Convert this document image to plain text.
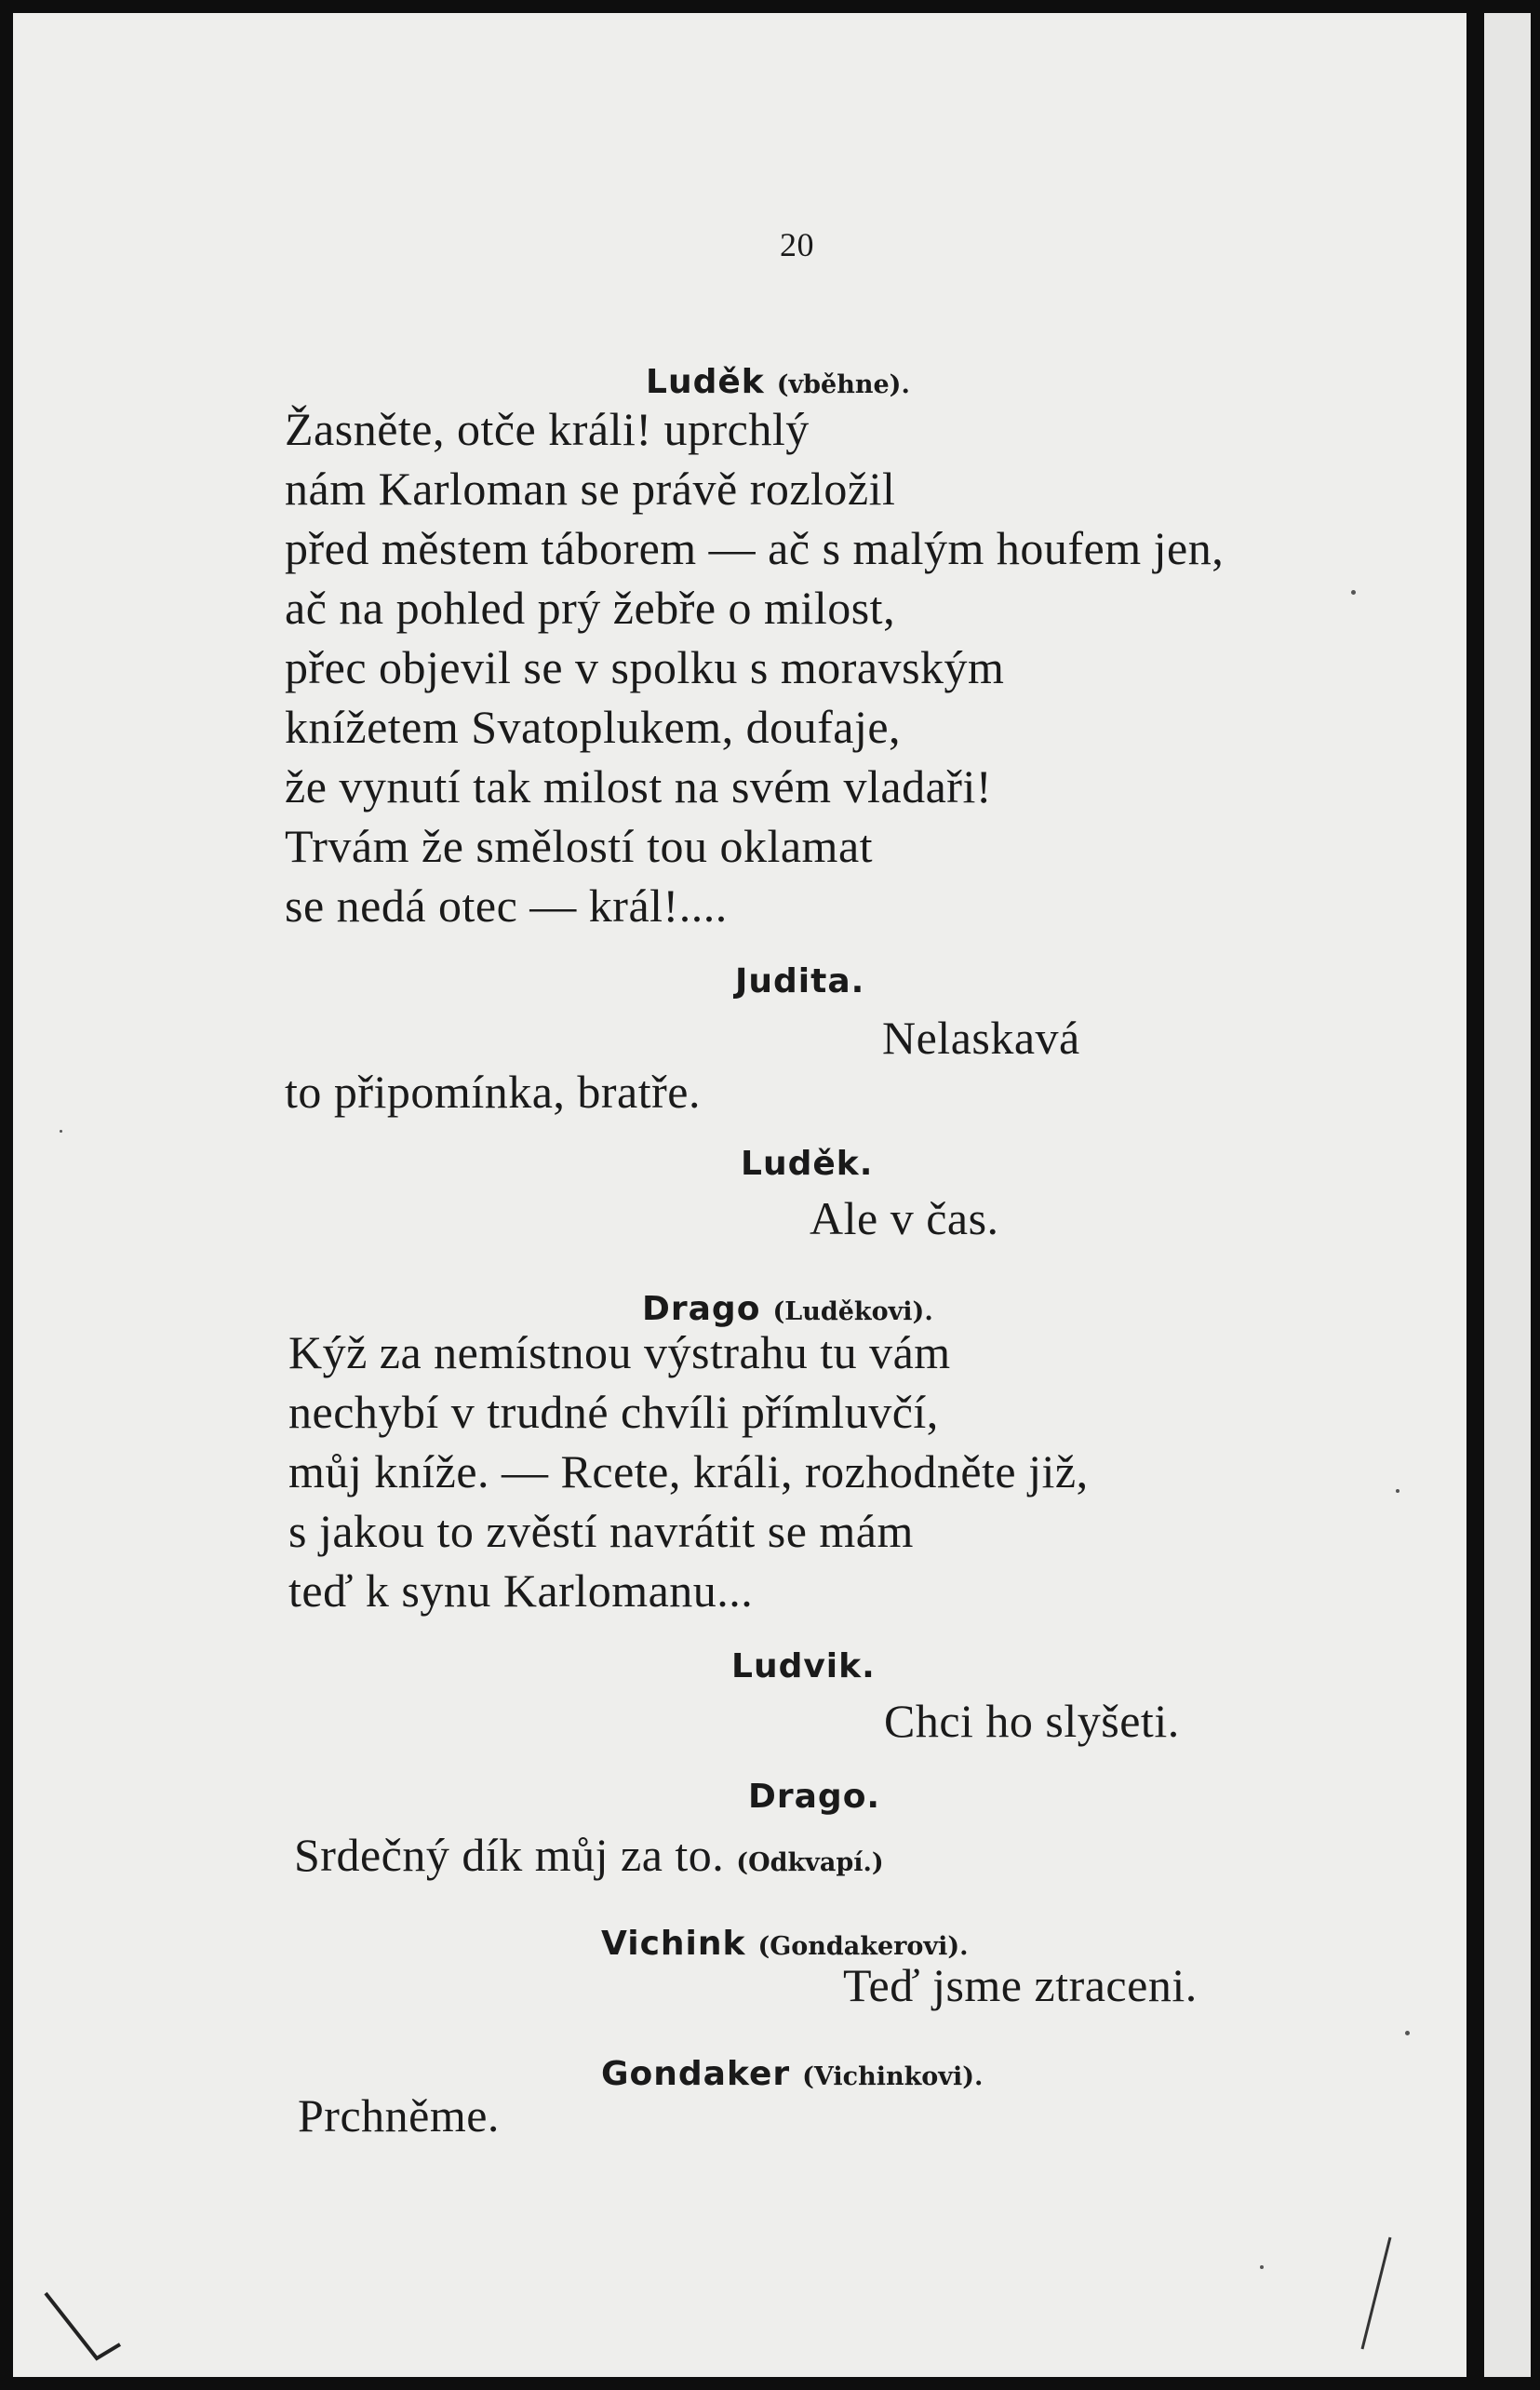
20
Luděk (vběhne).
Žasněte, otče králi! uprchlý
nám Karloman se právě rozložil
před městem táborem — ač s malým houfem jen,
ač na pohled prý žebře o milost,
přec objevil se v spolku s moravským
knížetem Svatoplukem, doufaje,
že vynutí tak milost na svém vladaři!
Trvám že smělostí tou oklamat
se nedá otec — král!....
Judita.
Nelaskavá
to připomínka, bratře.
Luděk.
Ale v čas.
Drago (Luděkovi).
Kýž za nemístnou výstrahu tu vám
nechybí v trudné chvíli přímluvčí,
můj kníže. — Rcete, králi, rozhodněte již,
s jakou to zvěstí navrátit se mám
teď k synu Karlomanu...
Ludvik.
Chci ho slyšeti.
Drago.
Srdečný dík můj za to. (Odkvapí.)
Vichink (Gondakerovi).
Teď jsme ztraceni.
Gondaker (Vichinkovi).
Prchněme.
